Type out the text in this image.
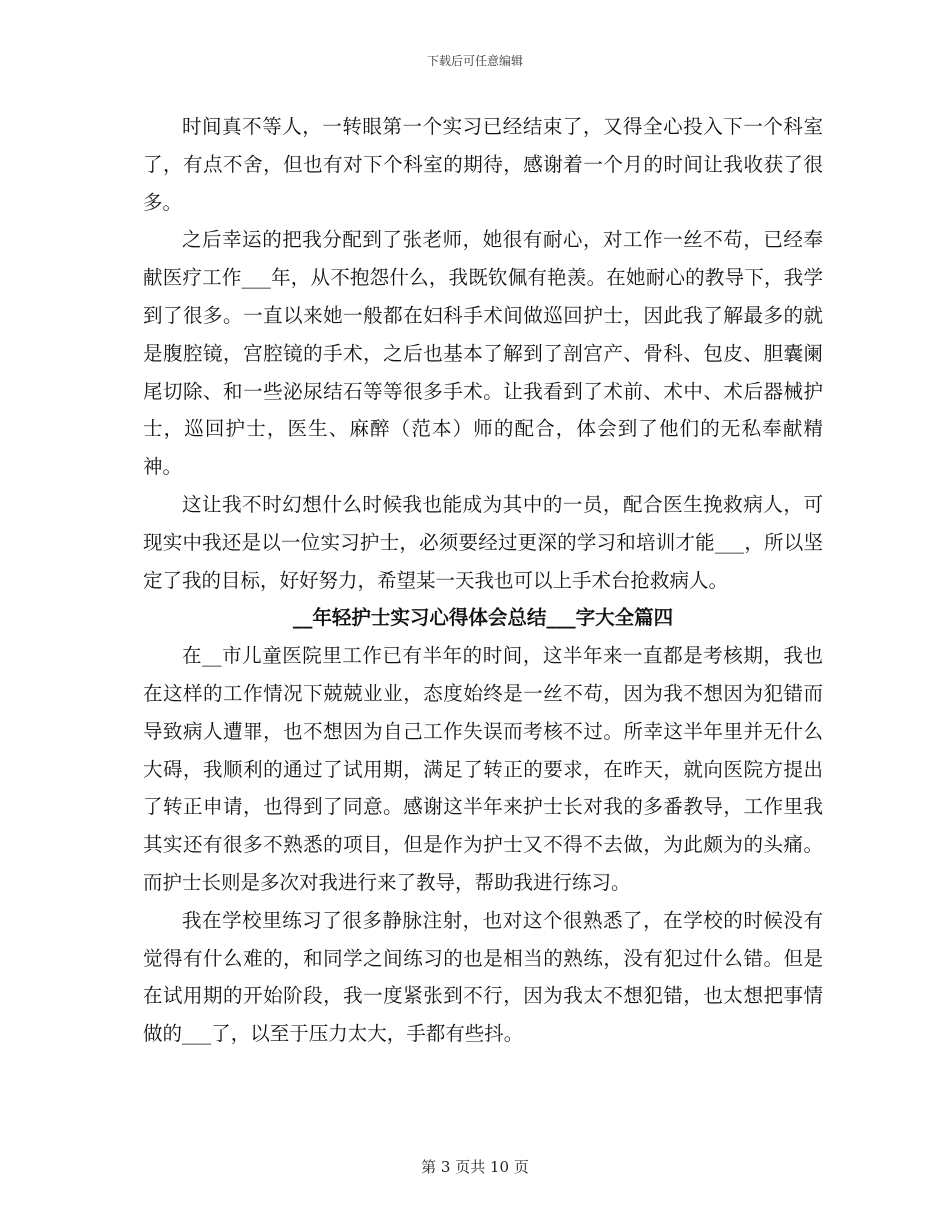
下载后可任意编辑

时间真不等人，一转眼第一个实习已经结束了，又得全心投入下一个科室了，有点不舍，但也有对下个科室的期待，感谢着一个月的时间让我收获了很多。

之后幸运的把我分配到了张老师，她很有耐心，对工作一丝不苟，已经奉献医疗工作___年，从不抱怨什么，我既钦佩有艳羡。在她耐心的教导下，我学到了很多。一直以来她一般都在妇科手术间做巡回护士，因此我了解最多的就是腹腔镜，宫腔镜的手术，之后也基本了解到了剖宫产、骨科、包皮、胆囊阑尾切除、和一些泌尿结石等等很多手术。让我看到了术前、术中、术后器械护士，巡回护士，医生、麻醉（范本）师的配合，体会到了他们的无私奉献精神。

这让我不时幻想什么时候我也能成为其中的一员，配合医生挽救病人，可现实中我还是以一位实习护士，必须要经过更深的学习和培训才能___，所以坚定了我的目标，好好努力，希望某一天我也可以上手术台抢救病人。

__年轻护士实习心得体会总结___字大全篇四

在__市儿童医院里工作已有半年的时间，这半年来一直都是考核期，我也在这样的工作情况下兢兢业业，态度始终是一丝不苟，因为我不想因为犯错而导致病人遭罪，也不想因为自己工作失误而考核不过。所幸这半年里并无什么大碍，我顺利的通过了试用期，满足了转正的要求，在昨天，就向医院方提出了转正申请，也得到了同意。感谢这半年来护士长对我的多番教导，工作里我其实还有很多不熟悉的项目，但是作为护士又不得不去做，为此颇为的头痛。而护士长则是多次对我进行来了教导，帮助我进行练习。

我在学校里练习了很多静脉注射，也对这个很熟悉了，在学校的时候没有觉得有什么难的，和同学之间练习的也是相当的熟练，没有犯过什么错。但是在试用期的开始阶段，我一度紧张到不行，因为我太不想犯错，也太想把事情做的___了，以至于压力太大，手都有些抖。

第 3 页共 10 页
